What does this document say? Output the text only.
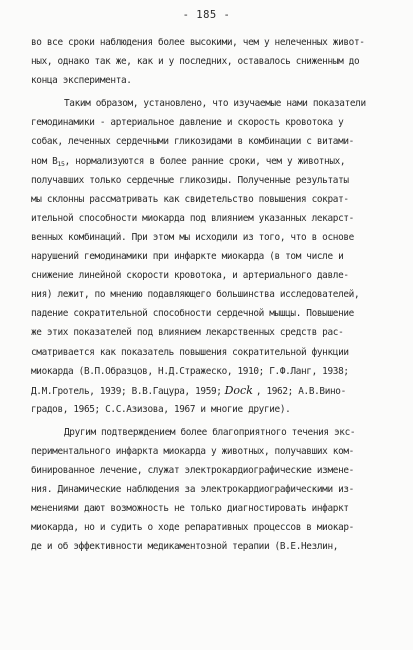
- 185 -
во все сроки наблюдения более высокими, чем у нелеченных живот-
ных, однако так же, как и у последних, оставалось сниженным до
конца эксперимента.
Таким образом, установлено, что изучаемые нами показатели
гемодинамики - артериальное давление и скорость кровотока у
собак, леченных сердечными гликозидами в комбинации с витами-
ном $B_{15}$, нормализуются в более ранние сроки, чем у животных,
получавших только сердечные гликозиды. Полученные результаты
мы склонны рассматривать как свидетельство повышения сократ-
ительной способности миокарда под влиянием указанных лекарст-
венных комбинаций. При этом мы исходили из того, что в основе
нарушений гемодинамики при инфаркте миокарда (в том числе и
снижение линейной скорости кровотока, и артериального давле-
ния) лежит, по мнению подавляющего большинства исследователей,
падение сократительной способности сердечной мышцы. Повышение
же этих показателей под влиянием лекарственных средств рас-
сматривается как показатель повышения сократительной функции
миокарда (В.П.Образцов, Н.Д.Стражеско, 1910; Г.Ф.Ланг, 1938;
Д.М.Гротель, 1939; В.В.Гацура, 1959; Dock , 1962; А.В.Вино-
градов, 1965; С.С.Азизова, 1967 и многие другие).
Другим подтверждением более благоприятного течения экс-
периментального инфаркта миокарда у животных, получавших ком-
бинированное лечение, служат электрокардиографические измене-
ния. Динамические наблюдения за электрокардиографическими из-
менениями дают возможность не только диагностировать инфаркт
миокарда, но и судить о ходе репаративных процессов в миокар-
де и об эффективности медикаментозной терапии (В.Е.Незлин,
